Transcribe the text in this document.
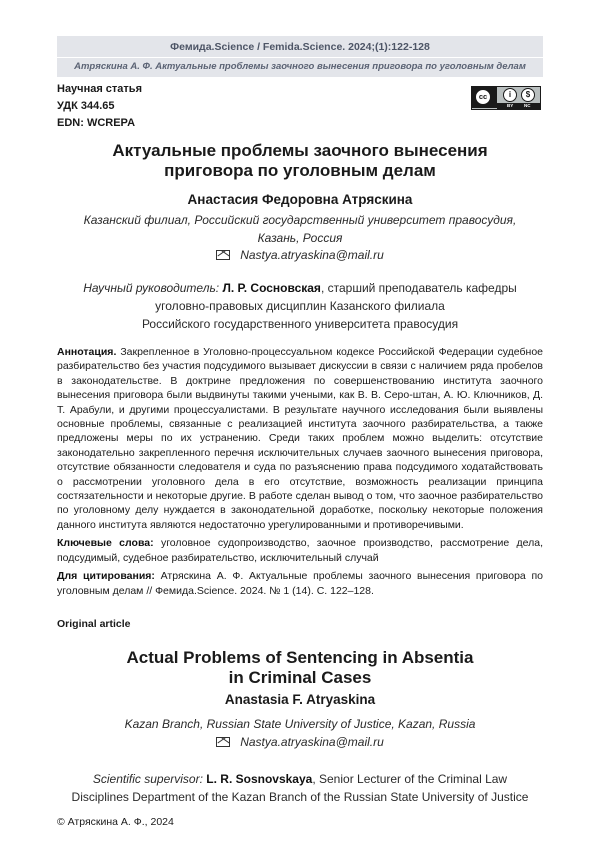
Фемида.Science / Femida.Science. 2024;(1):122-128
Атряскина А. Ф. Актуальные проблемы заочного вынесения приговора по уголовным делам
Научная статья
УДК 344.65
EDN: WCREPA
cc	i	$
BY NC
Актуальные проблемы заочного вынесения
приговора по уголовным делам
Анастасия Федоровна Атряскина
Казанский филиал, Российский государственный университет правосудия,
Казань, Россия
Nastya.atryaskina@mail.ru
Научный руководитель: Л. Р. Сосновская, старший преподаватель кафедры
уголовно-правовых дисциплин Казанского филиала
Российского государственного университета правосудия

Аннотация. Закрепленное в Уголовно-процессуальном кодексе Российской Федерации судебное разбирательство без участия подсудимого вызывает дискуссии в связи с наличием ряда пробелов в законодательстве. В доктрине предложения по совершенствованию института заочного вынесения приговора были выдвинуты такими учеными, как В. В. Серо-штан, А. Ю. Ключников, Д. Т. Арабули, и другими процессуалистами. В результате научного исследования были выявлены основные проблемы, связанные с реализацией института заочного разбирательства, а также предложены меры по их устранению. Среди таких проблем можно выделить: отсутствие законодательно закрепленного перечня исключительных случаев заочного вынесения приговора, отсутствие обязанности следователя и суда по разъяснению права подсудимого ходатайствовать о рассмотрении уголовного дела в его отсутствие, возможность реализации принципа состязательности и некоторые другие. В работе сделан вывод о том, что заочное разбирательство по уголовному делу нуждается в законодательной доработке, поскольку некоторые положения данного института являются недостаточно урегулированными и противоречивыми.

Ключевые слова: уголовное судопроизводство, заочное производство, рассмотрение дела, подсудимый, судебное разбирательство, исключительный случай

Для цитирования: Атряскина А. Ф. Актуальные проблемы заочного вынесения приговора по уголовным делам // Фемида.Science. 2024. № 1 (14). С. 122–128.

Original article
Actual Problems of Sentencing in Absentia
in Criminal Cases
Anastasia F. Atryaskina
Kazan Branch, Russian State University of Justice, Kazan, Russia
Nastya.atryaskina@mail.ru
Scientific supervisor: L. R. Sosnovskaya, Senior Lecturer of the Criminal Law
Disciplines Department of the Kazan Branch of the Russian State University of Justice
© Атряскина А. Ф., 2024
